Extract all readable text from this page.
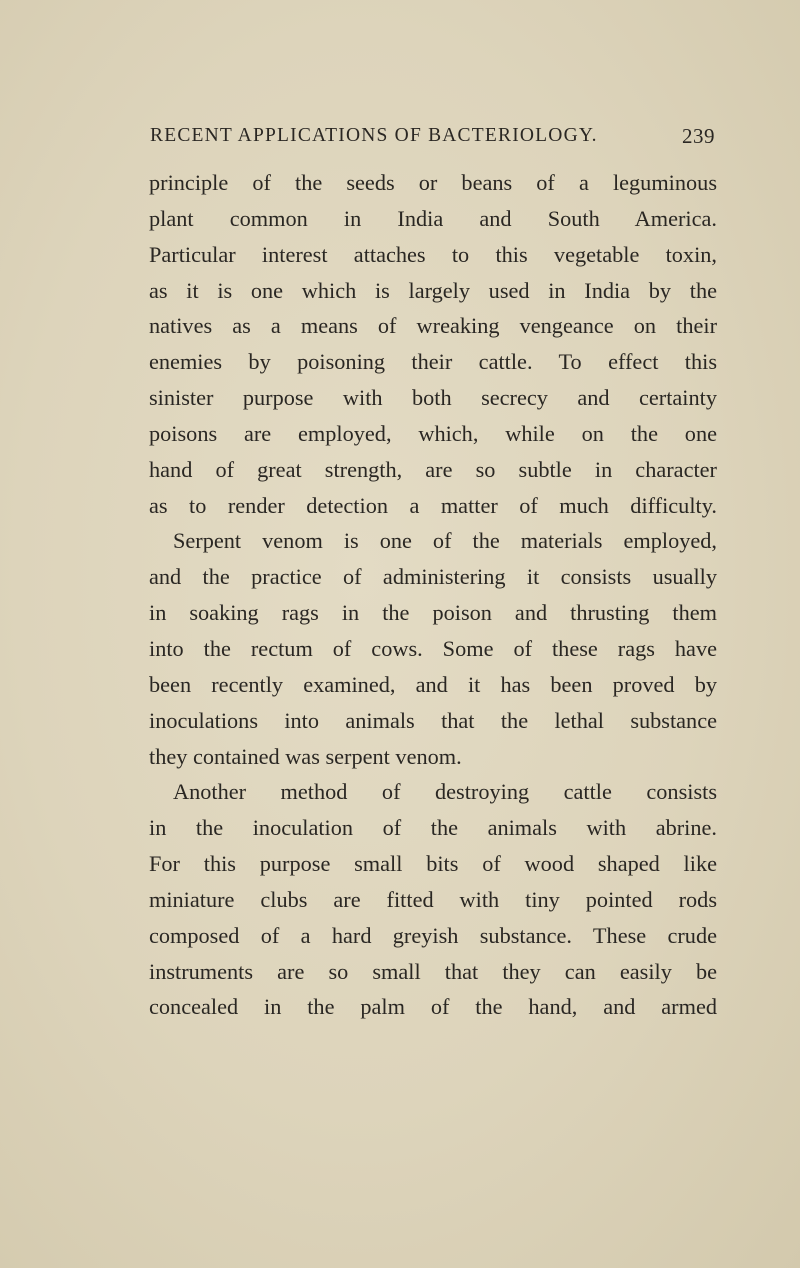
RECENT APPLICATIONS OF BACTERIOLOGY.	239
principle of the seeds or beans of a leguminous
plant common in India and South America.
Particular interest attaches to this vegetable toxin,
as it is one which is largely used in India by the
natives as a means of wreaking vengeance on their
enemies by poisoning their cattle. To effect this
sinister purpose with both secrecy and certainty
poisons are employed, which, while on the one
hand of great strength, are so subtle in character
as to render detection a matter of much difficulty.
Serpent venom is one of the materials employed,
and the practice of administering it consists usually
in soaking rags in the poison and thrusting them
into the rectum of cows. Some of these rags have
been recently examined, and it has been proved by
inoculations into animals that the lethal substance
they contained was serpent venom.
Another method of destroying cattle consists
in the inoculation of the animals with abrine.
For this purpose small bits of wood shaped like
miniature clubs are fitted with tiny pointed rods
composed of a hard greyish substance. These crude
instruments are so small that they can easily be
concealed in the palm of the hand, and armed
